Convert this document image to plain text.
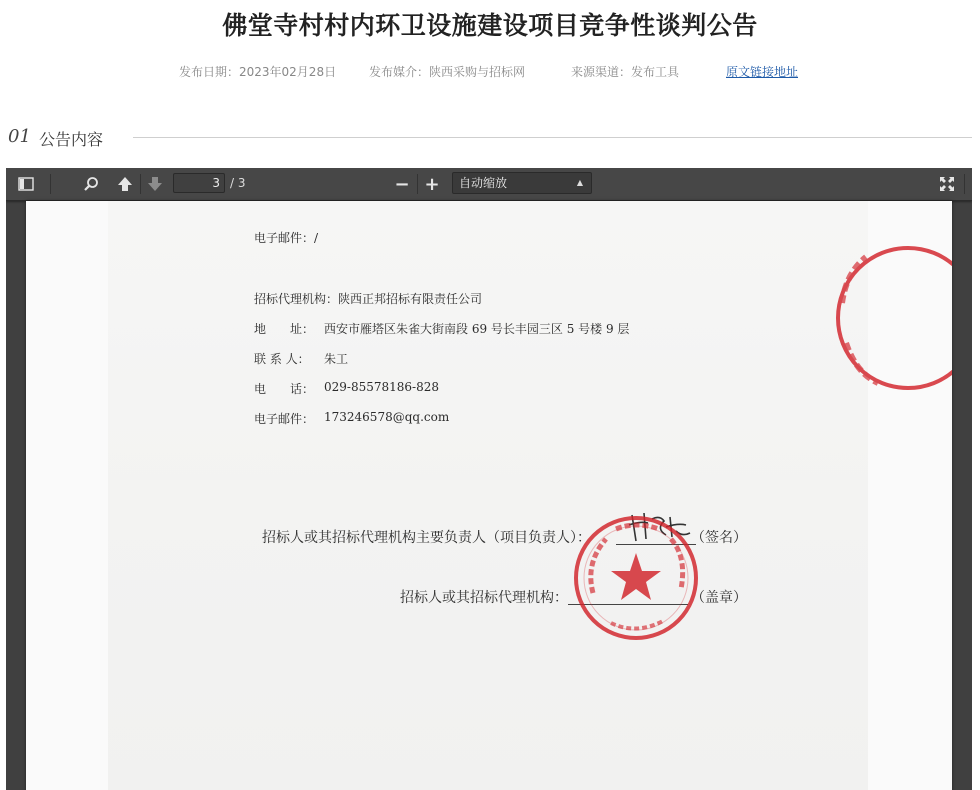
佛堂寺村村内环卫设施建设项目竞争性谈判公告
发布日期：2023年02月28日	发布媒介：陕西采购与招标网	来源渠道：发布工具	原文链接地址
01 公告内容
3 / 3	− +	自动缩放	▲

电子邮件：/
招标代理机构：陕西正邦招标有限责任公司
地　　址： 西安市雁塔区朱雀大街南段 69 号长丰园三区 5 号楼 9 层
联 系 人： 朱工
电　　话： 029-85578186-828
电子邮件： 173246578@qq.com
招标人或其招标代理机构主要负责人（项目负责人）：	（签名）
招标人或其招标代理机构：	（盖章）
